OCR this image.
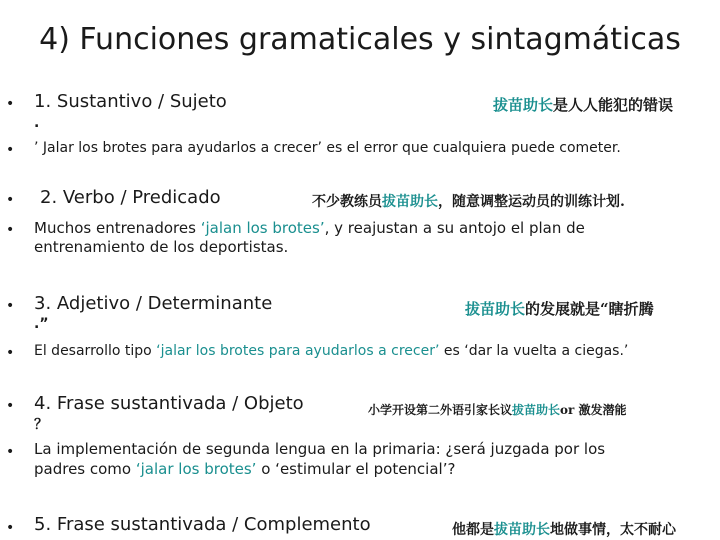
4) Funciones gramaticales y sintagmáticas
• 1. Sustantivo / Sujeto	拔苗助长是人人能犯的错误
.
• ’ Jalar los brotes para ayudarlos a crecer’ es el error que cualquiera puede cometer.
• 2. Verbo / Predicado	不少教练员拔苗助长，随意调整运动员的训练计划.
• Muchos entrenadores ‘jalan los brotes’, y reajustan a su antojo el plan de
entrenamiento de los deportistas.
• 3. Adjetivo / Determinante	拔苗助长的发展就是“瞎折腾
.”
• El desarrollo tipo ‘jalar los brotes para ayudarlos a crecer’ es ‘dar la vuelta a ciegas.’
• 4. Frase sustantivada / Objeto	小学开设第二外语引家长议拔苗助长or 激发潜能
？
• La implementación de segunda lengua en la primaria: ¿será juzgada por los
padres como ‘jalar los brotes’ o ‘estimular el potencial’?
• 5. Frase sustantivada / Complemento	他都是拔苗助长地做事情，太不耐心
